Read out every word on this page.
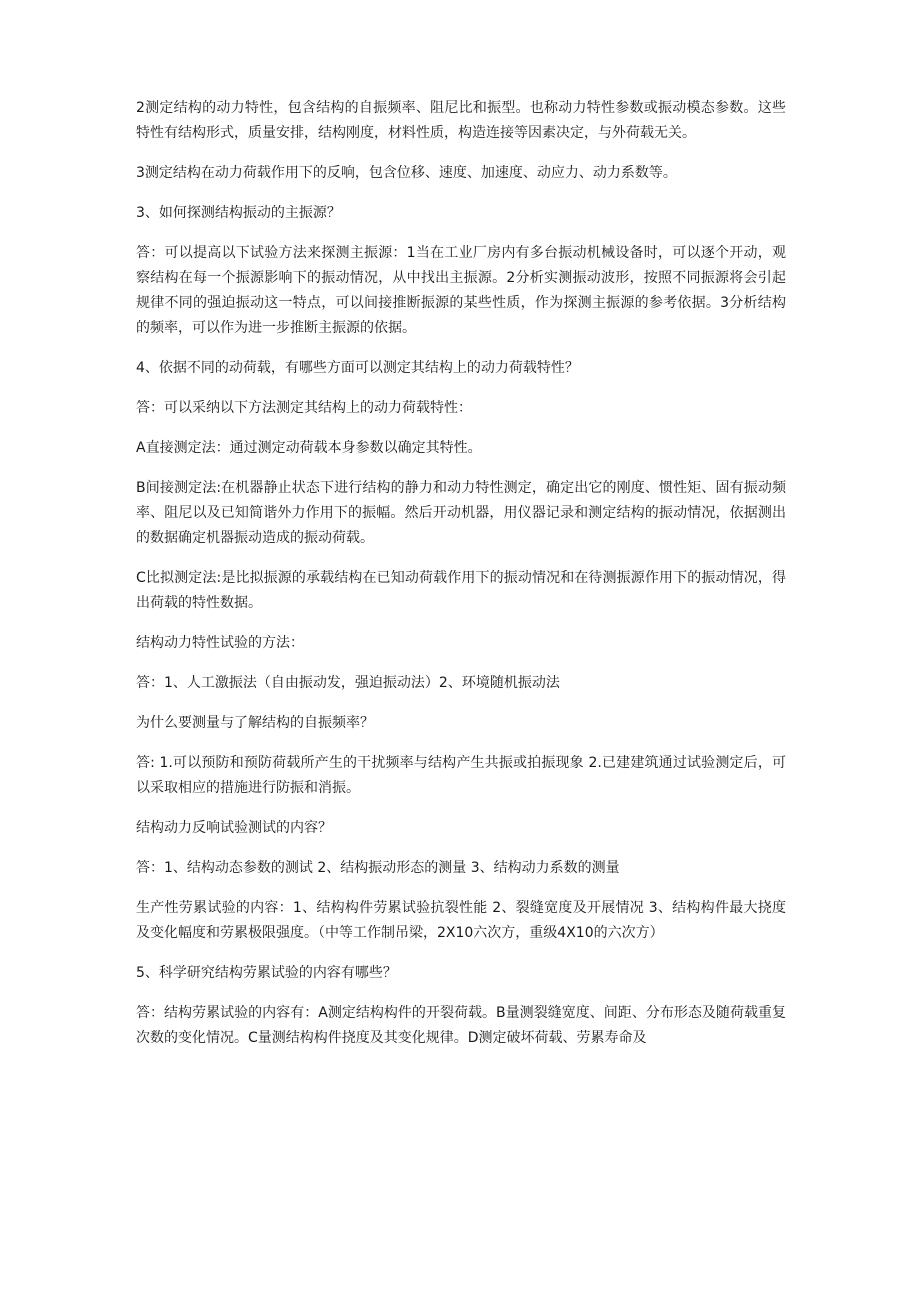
2测定结构的动力特性，包含结构的自振频率、阻尼比和振型。也称动力特性参数或振动模态参数。这些特性有结构形式，质量安排，结构刚度，材料性质，构造连接等因素决定，与外荷载无关。

3测定结构在动力荷载作用下的反响，包含位移、速度、加速度、动应力、动力系数等。

3、如何探测结构振动的主振源？

答：可以提高以下试验方法来探测主振源：1当在工业厂房内有多台振动机械设备时，可以逐个开动，观察结构在每一个振源影响下的振动情况，从中找出主振源。2分析实测振动波形，按照不同振源将会引起规律不同的强迫振动这一特点，可以间接推断振源的某些性质，作为探测主振源的参考依据。3分析结构的频率，可以作为进一步推断主振源的依据。

4、依据不同的动荷载，有哪些方面可以测定其结构上的动力荷载特性？

答：可以采纳以下方法测定其结构上的动力荷载特性：

A直接测定法：通过测定动荷载本身参数以确定其特性。

B间接测定法:在机器静止状态下进行结构的静力和动力特性测定，确定出它的刚度、惯性矩、固有振动频率、阻尼以及已知简谐外力作用下的振幅。然后开动机器，用仪器记录和测定结构的振动情况，依据测出的数据确定机器振动造成的振动荷载。

C比拟测定法:是比拟振源的承载结构在已知动荷载作用下的振动情况和在待测振源作用下的振动情况，得出荷载的特性数据。

结构动力特性试验的方法：

答：1、人工激振法（自由振动发，强迫振动法）2、环境随机振动法

为什么要测量与了解结构的自振频率？

答: 1.可以预防和预防荷载所产生的干扰频率与结构产生共振或拍振现象 2.已建建筑通过试验测定后，可以采取相应的措施进行防振和消振。

结构动力反响试验测试的内容？

答：1、结构动态参数的测试 2、结构振动形态的测量 3、结构动力系数的测量

生产性劳累试验的内容：1、结构构件劳累试验抗裂性能 2、裂缝宽度及开展情况 3、结构构件最大挠度及变化幅度和劳累极限强度。（中等工作制吊梁，2X10六次方，重级4X10的六次方）

5、科学研究结构劳累试验的内容有哪些？

答：结构劳累试验的内容有：A测定结构构件的开裂荷载。B量测裂缝宽度、间距、分布形态及随荷载重复次数的变化情况。C量测结构构件挠度及其变化规律。D测定破坏荷载、劳累寿命及
